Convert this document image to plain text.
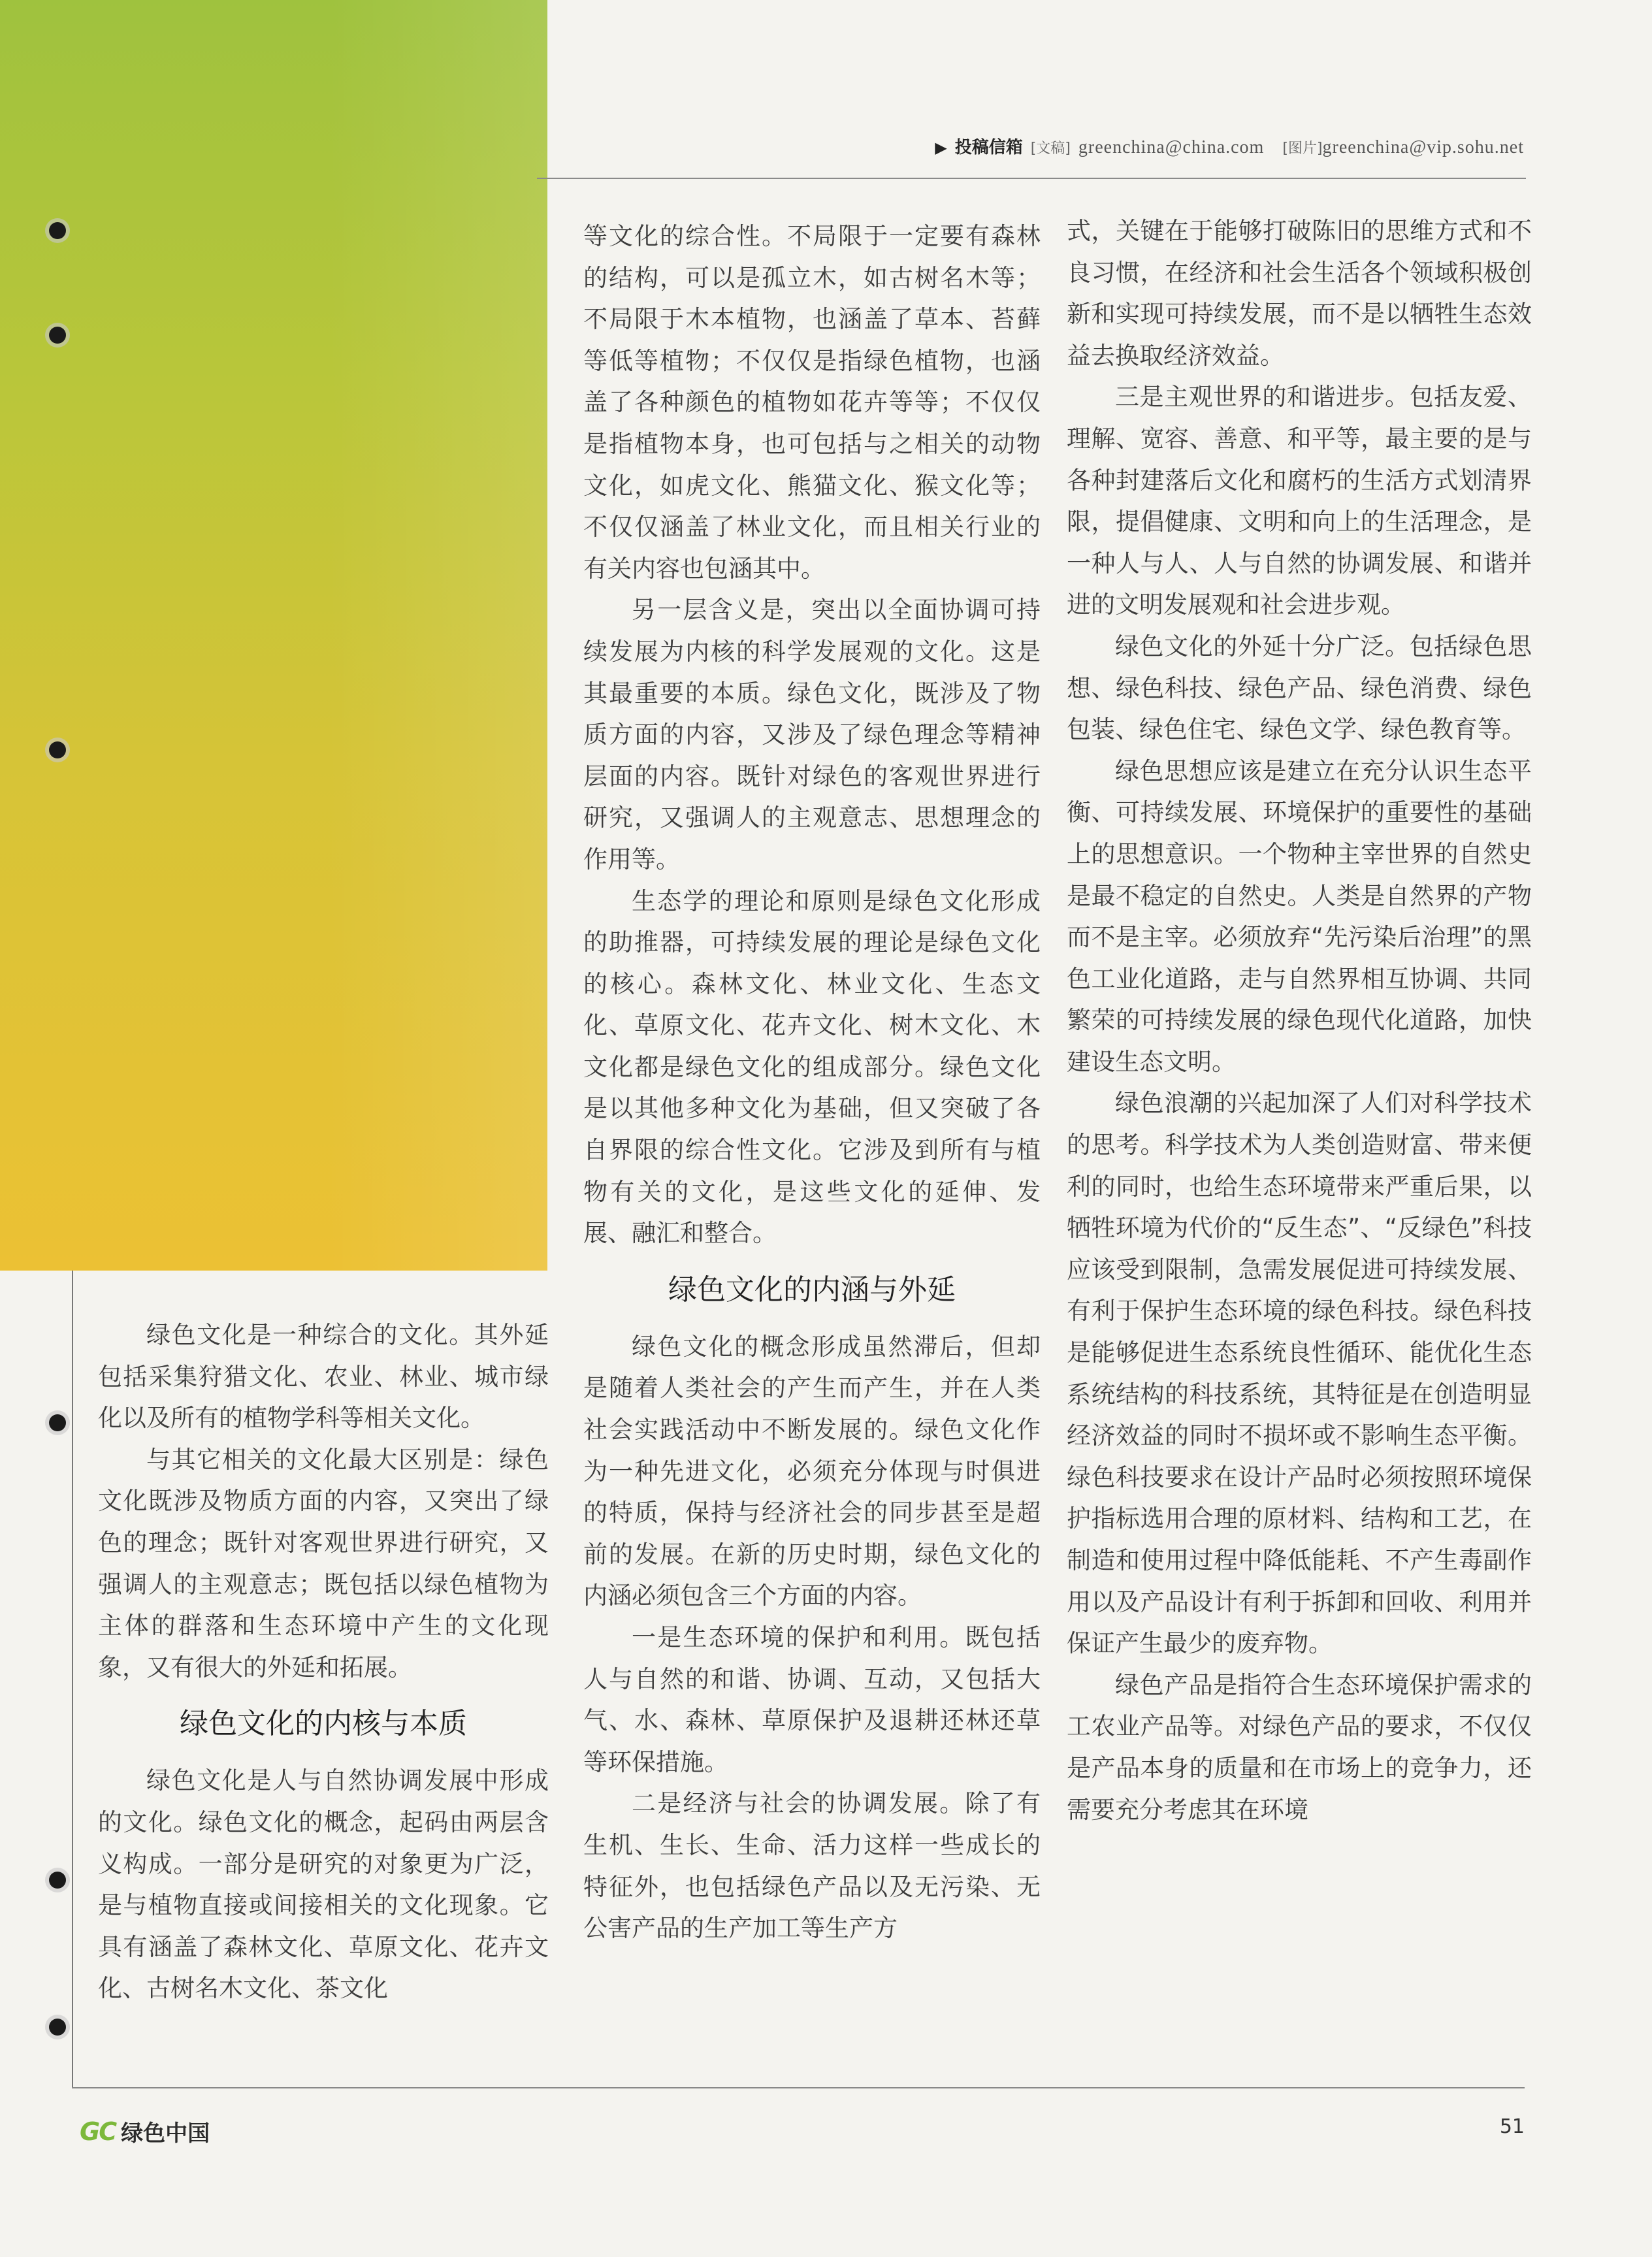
▶ 投稿信箱 [文稿] greenchina@china.com [图片] greenchina@vip.sohu.net

绿色文化是一种综合的文化。其外延包括采集狩猎文化、农业、林业、城市绿化以及所有的植物学科等相关文化。

与其它相关的文化最大区别是：绿色文化既涉及物质方面的内容，又突出了绿色的理念；既针对客观世界进行研究，又强调人的主观意志；既包括以绿色植物为主体的群落和生态环境中产生的文化现象，又有很大的外延和拓展。

绿色文化的内核与本质

绿色文化是人与自然协调发展中形成的文化。绿色文化的概念，起码由两层含义构成。一部分是研究的对象更为广泛，是与植物直接或间接相关的文化现象。它具有涵盖了森林文化、草原文化、花卉文化、古树名木文化、茶文化

等文化的综合性。不局限于一定要有森林的结构，可以是孤立木，如古树名木等；不局限于木本植物，也涵盖了草本、苔藓等低等植物；不仅仅是指绿色植物，也涵盖了各种颜色的植物如花卉等等；不仅仅是指植物本身，也可包括与之相关的动物文化，如虎文化、熊猫文化、猴文化等；不仅仅涵盖了林业文化，而且相关行业的有关内容也包涵其中。

另一层含义是，突出以全面协调可持续发展为内核的科学发展观的文化。这是其最重要的本质。绿色文化，既涉及了物质方面的内容，又涉及了绿色理念等精神层面的内容。既针对绿色的客观世界进行研究，又强调人的主观意志、思想理念的作用等。

生态学的理论和原则是绿色文化形成的助推器，可持续发展的理论是绿色文化的核心。森林文化、林业文化、生态文化、草原文化、花卉文化、树木文化、木文化都是绿色文化的组成部分。绿色文化是以其他多种文化为基础，但又突破了各自界限的综合性文化。它涉及到所有与植物有关的文化，是这些文化的延伸、发展、融汇和整合。

绿色文化的内涵与外延

绿色文化的概念形成虽然滞后，但却是随着人类社会的产生而产生，并在人类社会实践活动中不断发展的。绿色文化作为一种先进文化，必须充分体现与时俱进的特质，保持与经济社会的同步甚至是超前的发展。在新的历史时期，绿色文化的内涵必须包含三个方面的内容。

一是生态环境的保护和利用。既包括人与自然的和谐、协调、互动，又包括大气、水、森林、草原保护及退耕还林还草等环保措施。

二是经济与社会的协调发展。除了有生机、生长、生命、活力这样一些成长的特征外，也包括绿色产品以及无污染、无公害产品的生产加工等生产方

式，关键在于能够打破陈旧的思维方式和不良习惯，在经济和社会生活各个领域积极创新和实现可持续发展，而不是以牺牲生态效益去换取经济效益。

三是主观世界的和谐进步。包括友爱、理解、宽容、善意、和平等，最主要的是与各种封建落后文化和腐朽的生活方式划清界限，提倡健康、文明和向上的生活理念，是一种人与人、人与自然的协调发展、和谐并进的文明发展观和社会进步观。

绿色文化的外延十分广泛。包括绿色思想、绿色科技、绿色产品、绿色消费、绿色包装、绿色住宅、绿色文学、绿色教育等。

绿色思想应该是建立在充分认识生态平衡、可持续发展、环境保护的重要性的基础上的思想意识。一个物种主宰世界的自然史是最不稳定的自然史。人类是自然界的产物而不是主宰。必须放弃“先污染后治理”的黑色工业化道路，走与自然界相互协调、共同繁荣的可持续发展的绿色现代化道路，加快建设生态文明。

绿色浪潮的兴起加深了人们对科学技术的思考。科学技术为人类创造财富、带来便利的同时，也给生态环境带来严重后果，以牺牲环境为代价的“反生态”、“反绿色”科技应该受到限制，急需发展促进可持续发展、有利于保护生态环境的绿色科技。绿色科技是能够促进生态系统良性循环、能优化生态系统结构的科技系统，其特征是在创造明显经济效益的同时不损坏或不影响生态平衡。绿色科技要求在设计产品时必须按照环境保护指标选用合理的原材料、结构和工艺，在制造和使用过程中降低能耗、不产生毒副作用以及产品设计有利于拆卸和回收、利用并保证产生最少的废弃物。

绿色产品是指符合生态环境保护需求的工农业产品等。对绿色产品的要求，不仅仅是产品本身的质量和在市场上的竞争力，还需要充分考虑其在环境

GC 绿色中国	51
